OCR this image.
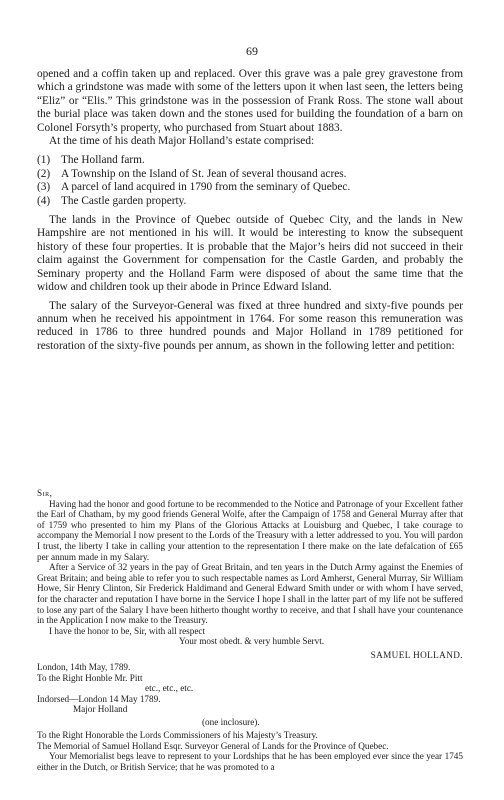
69

opened and a coffin taken up and replaced. Over this grave was a pale grey gravestone from which a grindstone was made with some of the letters upon it when last seen, the letters being “Eliz” or “Elis.” This grindstone was in the possession of Frank Ross. The stone wall about the burial place was taken down and the stones used for building the foundation of a barn on Colonel Forsyth’s property, who purchased from Stuart about 1883.

At the time of his death Major Holland’s estate comprised:

(1) The Holland farm.
(2) A Township on the Island of St. Jean of several thousand acres.
(3) A parcel of land acquired in 1790 from the seminary of Quebec.
(4) The Castle garden property.

The lands in the Province of Quebec outside of Quebec City, and the lands in New Hampshire are not mentioned in his will. It would be interesting to know the subsequent history of these four properties. It is probable that the Major’s heirs did not succeed in their claim against the Government for compensation for the Castle Garden, and probably the Seminary property and the Holland Farm were disposed of about the same time that the widow and children took up their abode in Prince Edward Island.

The salary of the Surveyor-General was fixed at three hundred and sixty-five pounds per annum when he received his appointment in 1764. For some reason this remuneration was reduced in 1786 to three hundred pounds and Major Holland in 1789 petitioned for restoration of the sixty-five pounds per annum, as shown in the following letter and petition:

Sir,

Having had the honor and good fortune to be recommended to the Notice and Patronage of your Excellent father the Earl of Chatham, by my good friends General Wolfe, after the Campaign of 1758 and General Murray after that of 1759 who presented to him my Plans of the Glorious Attacks at Louisburg and Quebec, I take courage to accompany the Memorial I now present to the Lords of the Treasury with a letter addressed to you. You will pardon I trust, the liberty I take in calling your attention to the representation I there make on the late defalcation of £65 per annum made in my Salary.

After a Service of 32 years in the pay of Great Britain, and ten years in the Dutch Army against the Enemies of Great Britain; and being able to refer you to such respectable names as Lord Amherst, General Murray, Sir William Howe, Sir Henry Clinton, Sir Frederick Haldimand and General Edward Smith under or with whom I have served, for the character and reputation I have borne in the Service I hope I shall in the latter part of my life not be suffered to lose any part of the Salary I have been hitherto thought worthy to receive, and that I shall have your countenance in the Application I now make to the Treasury.

I have the honor to be, Sir, with all respect

Your most obedt. & very humble Servt.

SAMUEL HOLLAND.

London, 14th May, 1789.

To the Right Honble Mr. Pitt

etc., etc., etc.

Indorsed—London 14 May 1789.

Major Holland

(one inclosure).

To the Right Honorable the Lords Commissioners of his Majesty’s Treasury.

The Memorial of Samuel Holland Esqr. Surveyor General of Lands for the Province of Quebec.

Your Memorialist begs leave to represent to your Lordships that he has been employed ever since the year 1745 either in the Dutch, or British Service; that he was promoted to a
